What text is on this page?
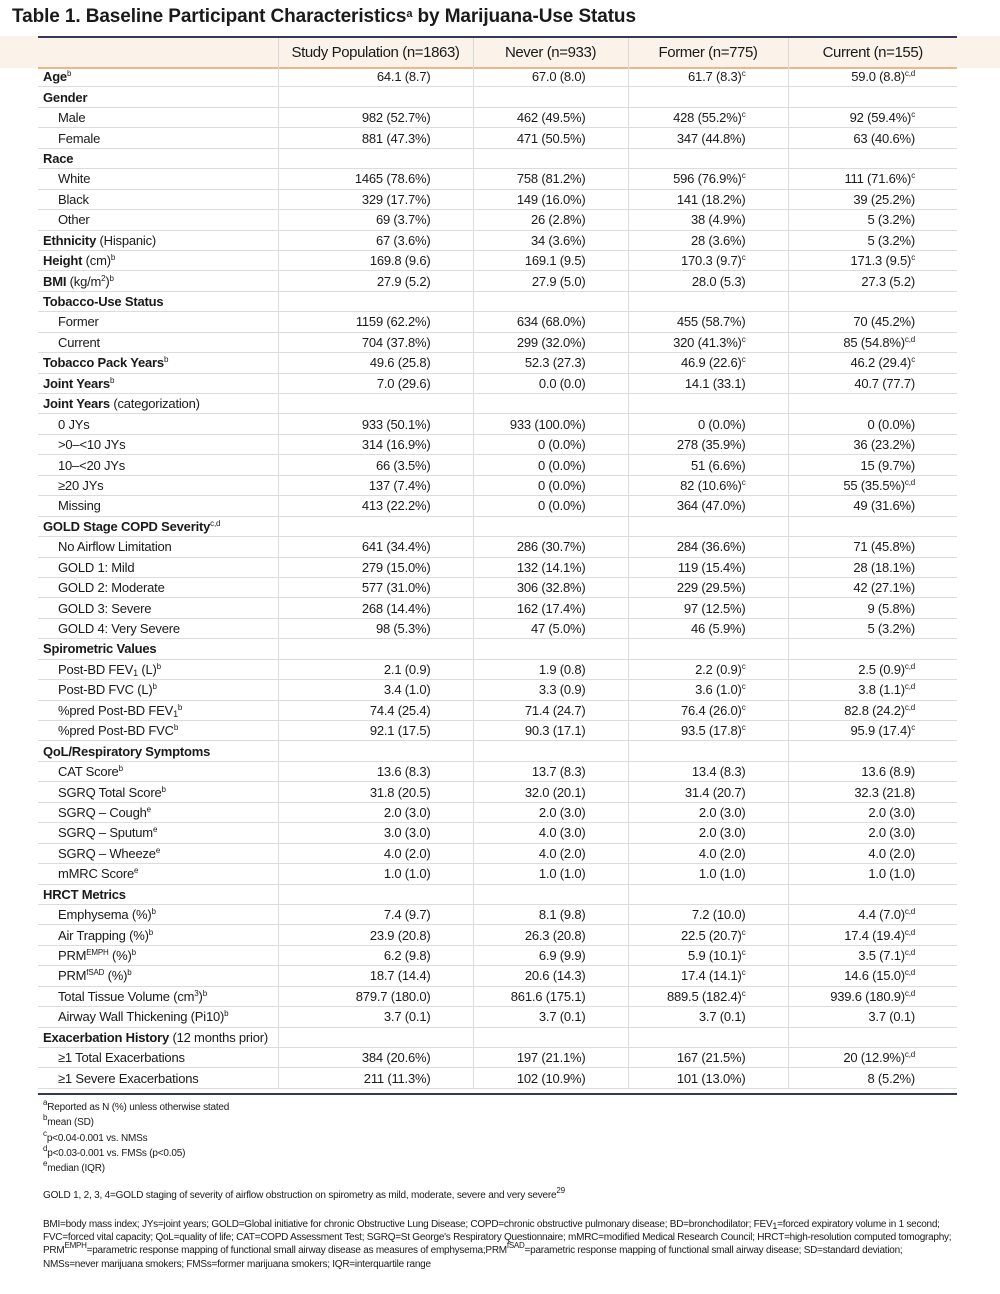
Table 1. Baseline Participant Characteristics$^a$ by Marijuana-Use Status
	Study Population (n=1863)	Never (n=933)	Former (n=775)	Current (n=155)
Age$^b$	64.1 (8.7)	67.0 (8.0)	61.7 $(8.3)^c$	59.0 $(8.8)^{c,d}$
Gender				
Male	982 (52.7%)	462 (49.5%)	428 $(55.2\%)^c$	92 $(59.4\%)^c$
Female	881 (47.3%)	471 (50.5%)	347 (44.8%)	63 (40.6%)
Race				
White	1465 (78.6%)	758 (81.2%)	596 $(76.9\%)^c$	111 $(71.6\%)^c$
Black	329 (17.7%)	149 (16.0%)	141 (18.2%)	39 (25.2%)
Other	69 (3.7%)	26 (2.8%)	38 (4.9%)	5 (3.2%)
Ethnicity (Hispanic)	67 (3.6%)	34 (3.6%)	28 (3.6%)	5 (3.2%)
Height (cm)$^b$	169.8 (9.6)	169.1 (9.5)	170.3 $(9.7)^c$	171.3 $(9.5)^c$
BMI $(kg/m^2)^b$	27.9 (5.2)	27.9 (5.0)	28.0 (5.3)	27.3 (5.2)
Tobacco-Use Status				
Former	1159 (62.2%)	634 (68.0%)	455 (58.7%)	70 (45.2%)
Current	704 (37.8%)	299 (32.0%)	320 $(41.3\%)^c$	85 $(54.8\%)^{c,d}$
Tobacco Pack Years$^b$	49.6 (25.8)	52.3 (27.3)	46.9 $(22.6)^c$	46.2 $(29.4)^c$
Joint Years$^b$	7.0 (29.6)	0.0 (0.0)	14.1 (33.1)	40.7 (77.7)
Joint Years (categorization)				
0 JYs	933 (50.1%)	933 (100.0%)	0 (0.0%)	0 (0.0%)
>0–<10 JYs	314 (16.9%)	0 (0.0%)	278 (35.9%)	36 (23.2%)
10–<20 JYs	66 (3.5%)	0 (0.0%)	51 (6.6%)	15 (9.7%)
≥20 JYs	137 (7.4%)	0 (0.0%)	82 $(10.6\%)^c$	55 $(35.5\%)^{c,d}$
Missing	413 (22.2%)	0 (0.0%)	364 (47.0%)	49 (31.6%)
GOLD Stage COPD Severity$^{c,d}$				
No Airflow Limitation	641 (34.4%)	286 (30.7%)	284 (36.6%)	71 (45.8%)
GOLD 1: Mild	279 (15.0%)	132 (14.1%)	119 (15.4%)	28 (18.1%)
GOLD 2: Moderate	577 (31.0%)	306 (32.8%)	229 (29.5%)	42 (27.1%)
GOLD 3: Severe	268 (14.4%)	162 (17.4%)	97 (12.5%)	9 (5.8%)
GOLD 4: Very Severe	98 (5.3%)	47 (5.0%)	46 (5.9%)	5 (3.2%)
Spirometric Values				
Post-BD $FEV_1$ $(L)^b$	2.1 (0.9)	1.9 (0.8)	2.2 $(0.9)^c$	2.5 $(0.9)^{c,d}$
Post-BD FVC $(L)^b$	3.4 (1.0)	3.3 (0.9)	3.6 $(1.0)^c$	3.8 $(1.1)^{c,d}$
%pred Post-BD $FEV_1^b$	74.4 (25.4)	71.4 (24.7)	76.4 $(26.0)^c$	82.8 $(24.2)^{c,d}$
%pred Post-BD FVC$^b$	92.1 (17.5)	90.3 (17.1)	93.5 $(17.8)^c$	95.9 $(17.4)^c$
QoL/Respiratory Symptoms				
CAT Score$^b$	13.6 (8.3)	13.7 (8.3)	13.4 (8.3)	13.6 (8.9)
SGRQ Total Score$^b$	31.8 (20.5)	32.0 (20.1)	31.4 (20.7)	32.3 (21.8)
SGRQ – Cough$^e$	2.0 (3.0)	2.0 (3.0)	2.0 (3.0)	2.0 (3.0)
SGRQ – Sputum$^e$	3.0 (3.0)	4.0 (3.0)	2.0 (3.0)	2.0 (3.0)
SGRQ – Wheeze$^e$	4.0 (2.0)	4.0 (2.0)	4.0 (2.0)	4.0 (2.0)
mMRC Score$^e$	1.0 (1.0)	1.0 (1.0)	1.0 (1.0)	1.0 (1.0)
HRCT Metrics				
Emphysema (%)$^b$	7.4 (9.7)	8.1 (9.8)	7.2 (10.0)	4.4 $(7.0)^{c,d}$
Air Trapping (%)$^b$	23.9 (20.8)	26.3 (20.8)	22.5 $(20.7)^c$	17.4 $(19.4)^{c,d}$
$PRM^{EMPH}$ (%)$^b$	6.2 (9.8)	6.9 (9.9)	5.9 $(10.1)^c$	3.5 $(7.1)^{c,d}$
$PRM^{fSAD}$ (%)$^b$	18.7 (14.4)	20.6 (14.3)	17.4 $(14.1)^c$	14.6 $(15.0)^{c,d}$
Total Tissue Volume $(cm^3)^b$	879.7 (180.0)	861.6 (175.1)	889.5 $(182.4)^c$	939.6 $(180.9)^{c,d}$
Airway Wall Thickening $(Pi10)^b$	3.7 (0.1)	3.7 (0.1)	3.7 (0.1)	3.7 (0.1)
Exacerbation History (12 months prior)				
≥1 Total Exacerbations	384 (20.6%)	197 (21.1%)	167 (21.5%)	20 $(12.9\%)^{c,d}$
≥1 Severe Exacerbations	211 (11.3%)	102 (10.9%)	101 (13.0%)	8 (5.2%)
$^a$Reported as N (%) unless otherwise stated
$^b$mean (SD)
$^c$p<0.04-0.001 vs. NMSs
$^d$p<0.03-0.001 vs. FMSs (p<0.05)
$^e$median (IQR)
GOLD 1, 2, 3, 4=GOLD staging of severity of airflow obstruction on spirometry as mild, moderate, severe and very severe$^{29}$
BMI=body mass index; JYs=joint years; GOLD=Global initiative for chronic Obstructive Lung Disease; COPD=chronic obstructive pulmonary disease; BD=bronchodilator; $FEV_1=forced$ expiratory volume in 1 second; FVC=forced vital capacity; QoL=quality of life; CAT=COPD Assessment Test; SGRQ=St George's Respiratory Questionnaire; mMRC=modified Medical Research Council; HRCT=high-resolution computed tomography; $PRM^{EMPH}=parametric$ response mapping of functional small airway disease as measures of $emphysema;PRM^{fSAD}=parametric$ response mapping of functional small airway disease; SD=standard deviation; NMSs=never marijuana smokers; FMSs=former marijuana smokers; IQR=interquartile range
